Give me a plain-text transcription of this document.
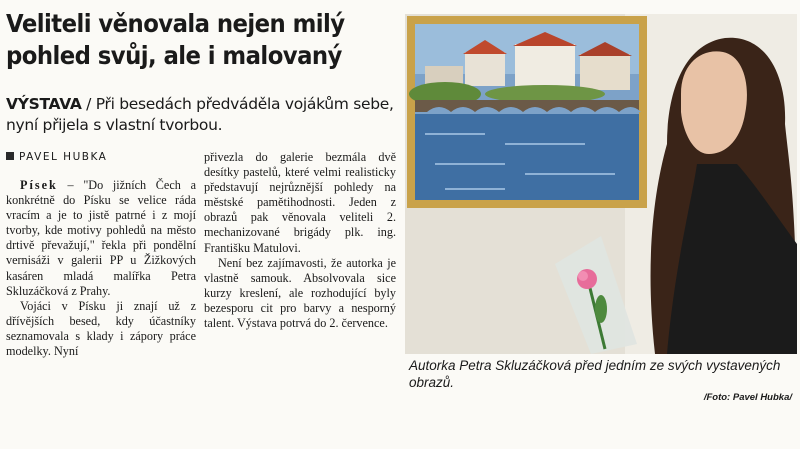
Veliteli věnovala nejen milý
pohled svůj, ale i malovaný
VÝSTAVA / Při besedách předváděla vojákům sebe, nyní přijela s vlastní tvorbou.
PAVEL HUBKA

Písek – "Do jižních Čech a konkrétně do Písku se velice ráda vracím a je to jistě patrné i z mojí tvorby, kde motivy pohledů na město drtivě převažují," řekla při pondělní vernisáži v galerii PP u Žižkových kasáren mladá malířka Petra Skluzáčková z Prahy.

Vojáci v Písku ji znají už z dřívějších besed, kdy účastníky seznamovala s klady i zápory práce modelky. Nyní

přivezla do galerie bezmála dvě desítky pastelů, které velmi realisticky představují nejrůznější pohledy na městské pamětihodnosti. Jeden z obrazů pak věnovala veliteli 2. mechanizované brigády plk. ing. Františku Matulovi.

Není bez zajímavosti, že autorka je vlastně samouk. Absolvovala sice kurzy kreslení, ale rozhodující byly bezesporu cit pro barvy a nesporný talent. Výstava potrvá do 2. července.

Autorka Petra Skluzáčková před jedním ze svých vystavených obrazů.
/Foto: Pavel Hubka/
